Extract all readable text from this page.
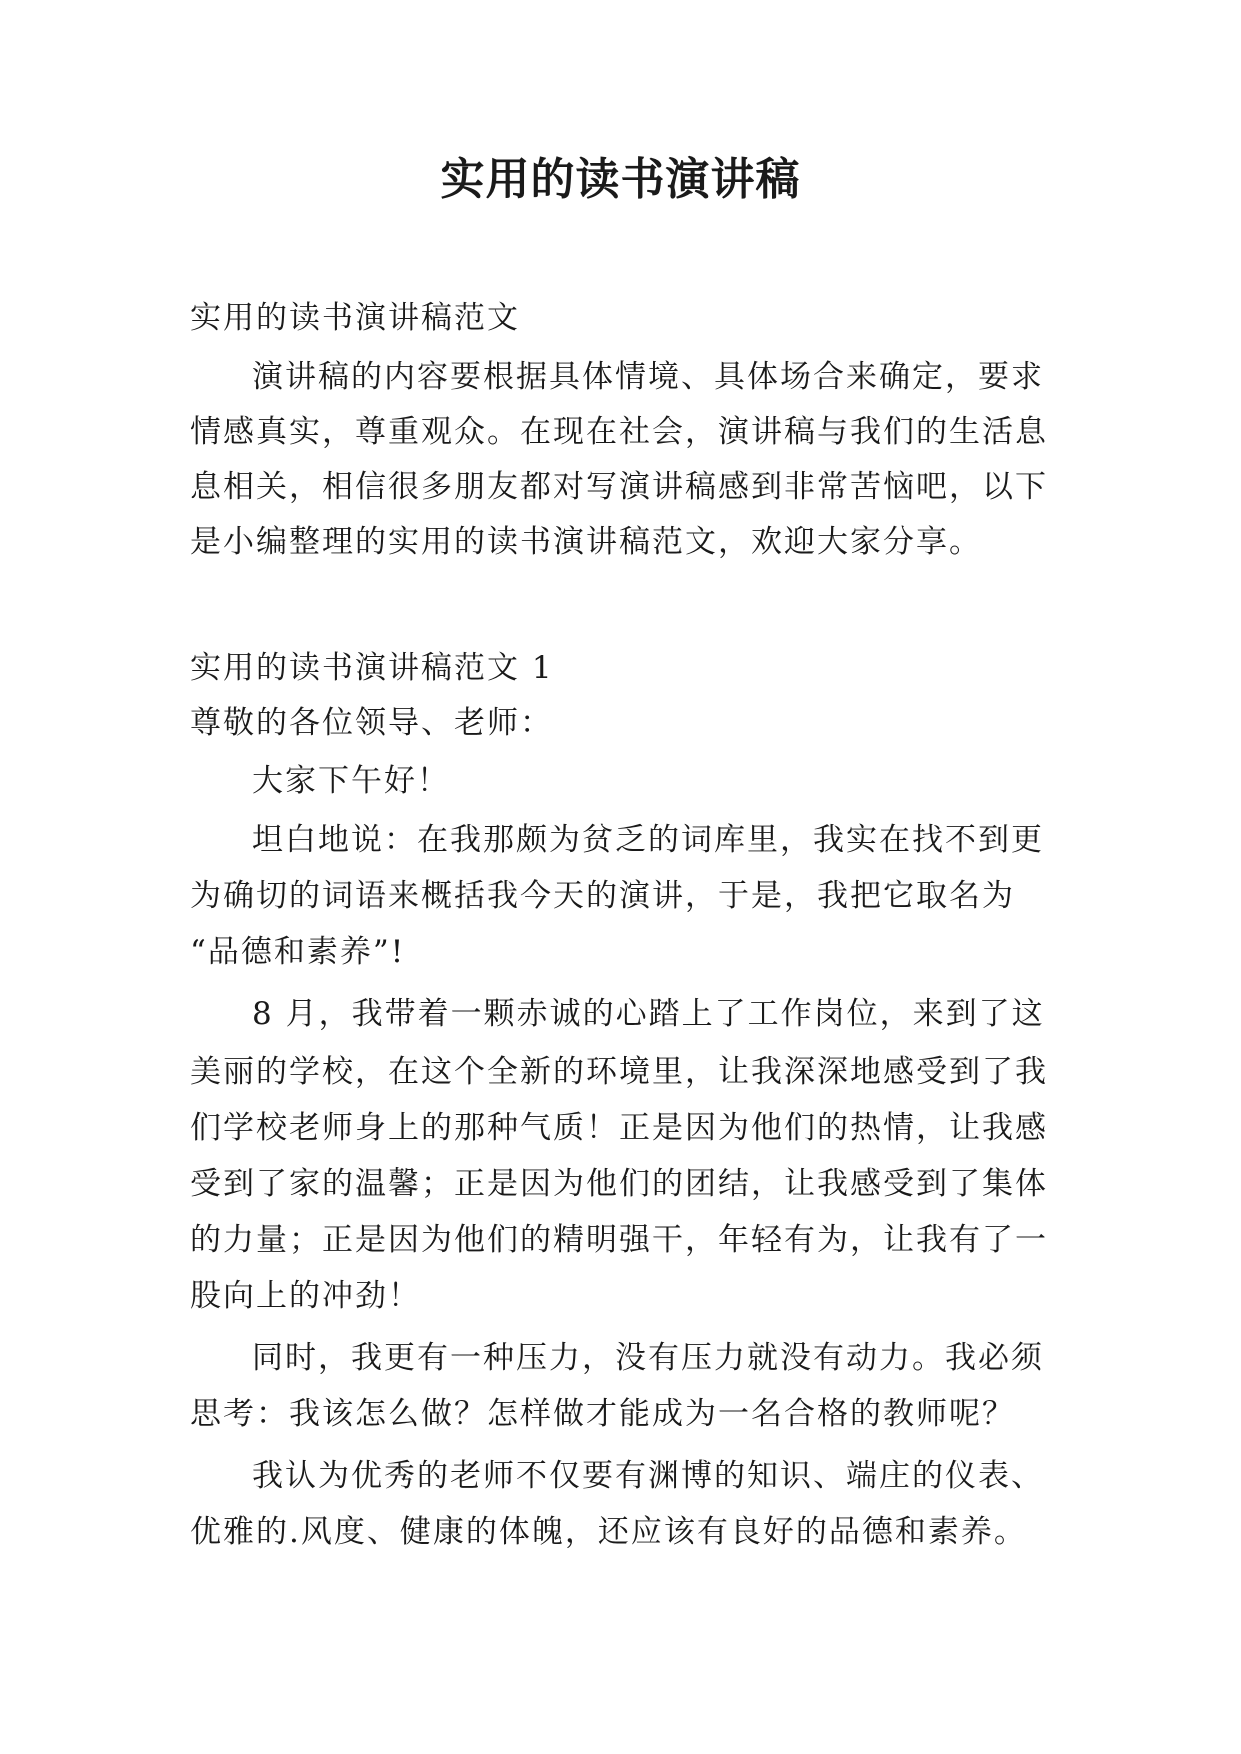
实用的读书演讲稿
实用的读书演讲稿范文
演讲稿的内容要根据具体情境、具体场合来确定，要求
情感真实，尊重观众。在现在社会，演讲稿与我们的生活息
息相关，相信很多朋友都对写演讲稿感到非常苦恼吧，以下
是小编整理的实用的读书演讲稿范文，欢迎大家分享。
实用的读书演讲稿范文 1
尊敬的各位领导、老师：
大家下午好！
坦白地说：在我那颇为贫乏的词库里，我实在找不到更
为确切的词语来概括我今天的演讲，于是，我把它取名为
“品德和素养”!
8 月，我带着一颗赤诚的心踏上了工作岗位，来到了这
美丽的学校，在这个全新的环境里，让我深深地感受到了我
们学校老师身上的那种气质！正是因为他们的热情，让我感
受到了家的温馨；正是因为他们的团结，让我感受到了集体
的力量；正是因为他们的精明强干，年轻有为，让我有了一
股向上的冲劲！
同时，我更有一种压力，没有压力就没有动力。我必须
思考：我该怎么做？怎样做才能成为一名合格的教师呢？
我认为优秀的老师不仅要有渊博的知识、端庄的仪表、
优雅的.风度、健康的体魄，还应该有良好的品德和素养。
